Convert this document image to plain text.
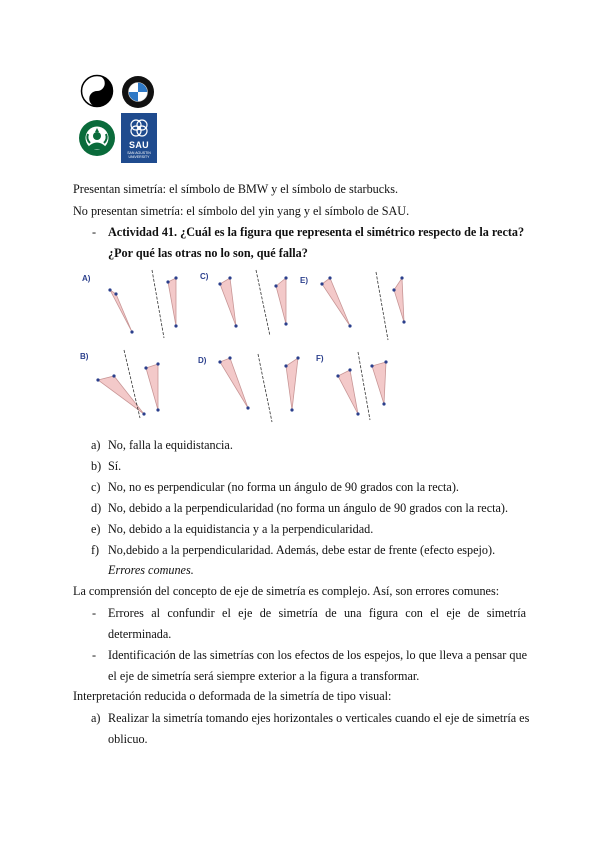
SAU
SAN AGUSTIN UNIVERSITY
Presentan simetría: el símbolo de BMW y el símbolo de starbucks.
No presentan simetría: el símbolo del yin yang y el símbolo de SAU.
- Actividad 41. ¿Cuál es la figura que representa el simétrico respecto de la recta?
¿Por qué las otras no lo son, qué falla?
A)	C)	E)
B)	D)	F)
a) No, falla la equidistancia.
b) Sí.
c) No, no es perpendicular (no forma un ángulo de 90 grados con la recta).
d) No, debido a la perpendicularidad (no forma un ángulo de 90 grados con la recta).
e) No, debido a la equidistancia y a la perpendicularidad.
f) No,debido a la perpendicularidad. Además, debe estar de frente (efecto espejo).
Errores comunes.
La comprensión del concepto de eje de simetría es complejo. Así, son errores comunes:
- Errores al confundir el eje de simetría de una figura con el eje de simetría
determinada.
- Identificación de las simetrías con los efectos de los espejos, lo que lleva a pensar que
el eje de simetría será siempre exterior a la figura a transformar.
Interpretación reducida o deformada de la simetría de tipo visual:
a) Realizar la simetría tomando ejes horizontales o verticales cuando el eje de simetría es
oblicuo.
